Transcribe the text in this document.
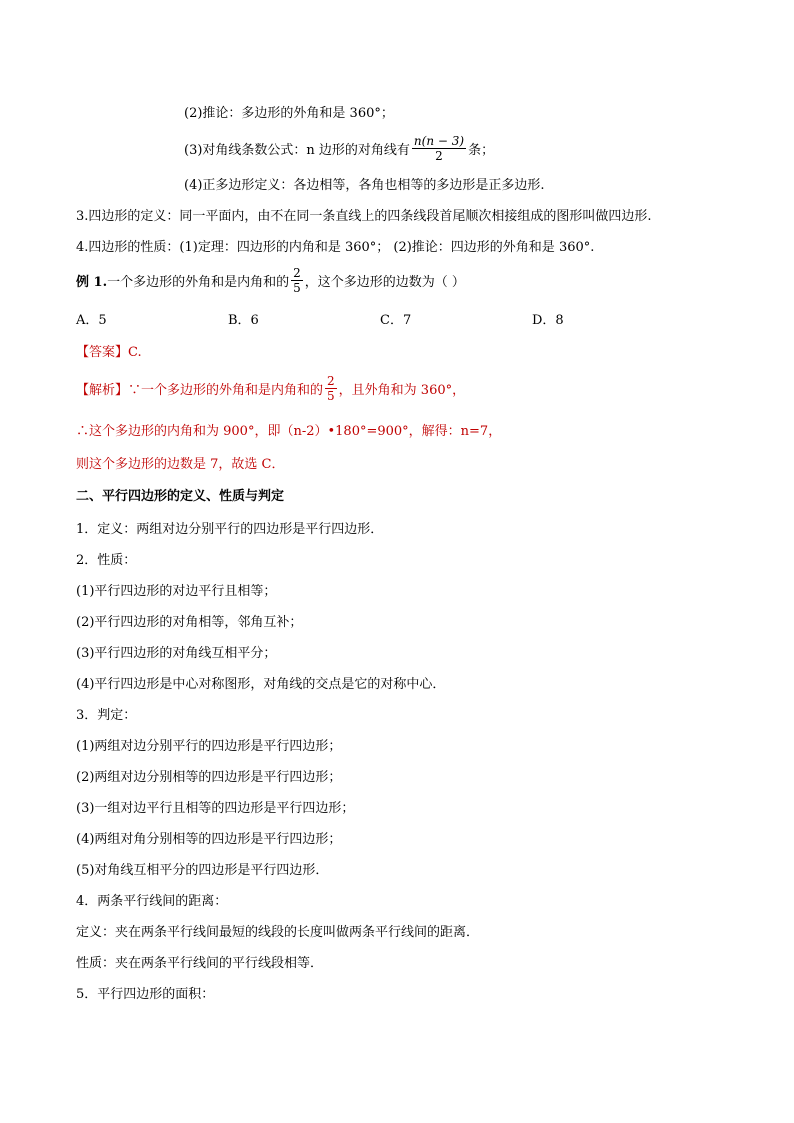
(2)推论：多边形的外角和是 360°；
(3)对角线条数公式：n 边形的对角线有 $\frac{n(n - 3)}{2}$ 条；
(4)正多边形定义：各边相等，各角也相等的多边形是正多边形.
3.四边形的定义：同一平面内，由不在同一条直线上的四条线段首尾顺次相接组成的图形叫做四边形.
4.四边形的性质：(1)定理：四边形的内角和是 360°； (2)推论：四边形的外角和是 360°.
例 1.一个多边形的外角和是内角和的 $\frac{2}{5}$ ，这个多边形的边数为（ ）
A．5	B．6	C．7	D．8
【答案】C.
【解析】∵一个多边形的外角和是内角和的 $\frac{2}{5}$ ，且外角和为 360°，
∴这个多边形的内角和为 900°，即（n-2）•180°=900°，解得：n=7，
则这个多边形的边数是 7，故选 C．
二、平行四边形的定义、性质与判定
1．定义：两组对边分别平行的四边形是平行四边形．
2．性质：
(1)平行四边形的对边平行且相等；
(2)平行四边形的对角相等，邻角互补；
(3)平行四边形的对角线互相平分；
(4)平行四边形是中心对称图形，对角线的交点是它的对称中心．
3．判定：
(1)两组对边分别平行的四边形是平行四边形；
(2)两组对边分别相等的四边形是平行四边形；
(3)一组对边平行且相等的四边形是平行四边形；
(4)两组对角分别相等的四边形是平行四边形；
(5)对角线互相平分的四边形是平行四边形．
4．两条平行线间的距离：
定义：夹在两条平行线间最短的线段的长度叫做两条平行线间的距离．
性质：夹在两条平行线间的平行线段相等．
5．平行四边形的面积：
